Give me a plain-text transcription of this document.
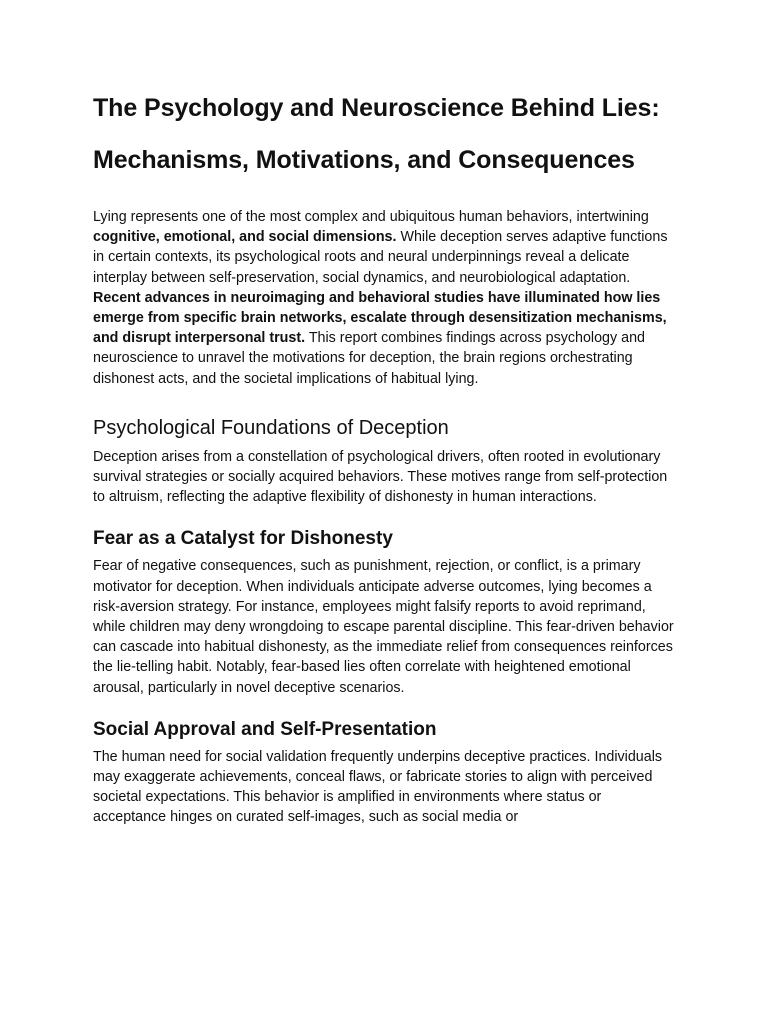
The Psychology and Neuroscience Behind Lies: Mechanisms, Motivations, and Consequences

Lying represents one of the most complex and ubiquitous human behaviors, intertwining cognitive, emotional, and social dimensions. While deception serves adaptive functions in certain contexts, its psychological roots and neural underpinnings reveal a delicate interplay between self-preservation, social dynamics, and neurobiological adaptation. Recent advances in neuroimaging and behavioral studies have illuminated how lies emerge from specific brain networks, escalate through desensitization mechanisms, and disrupt interpersonal trust. This report combines findings across psychology and neuroscience to unravel the motivations for deception, the brain regions orchestrating dishonest acts, and the societal implications of habitual lying.

Psychological Foundations of Deception

Deception arises from a constellation of psychological drivers, often rooted in evolutionary survival strategies or socially acquired behaviors. These motives range from self-protection to altruism, reflecting the adaptive flexibility of dishonesty in human interactions.

Fear as a Catalyst for Dishonesty

Fear of negative consequences, such as punishment, rejection, or conflict, is a primary motivator for deception. When individuals anticipate adverse outcomes, lying becomes a risk-aversion strategy. For instance, employees might falsify reports to avoid reprimand, while children may deny wrongdoing to escape parental discipline. This fear-driven behavior can cascade into habitual dishonesty, as the immediate relief from consequences reinforces the lie-telling habit. Notably, fear-based lies often correlate with heightened emotional arousal, particularly in novel deceptive scenarios.

Social Approval and Self-Presentation

The human need for social validation frequently underpins deceptive practices. Individuals may exaggerate achievements, conceal flaws, or fabricate stories to align with perceived societal expectations. This behavior is amplified in environments where status or acceptance hinges on curated self-images, such as social media or
